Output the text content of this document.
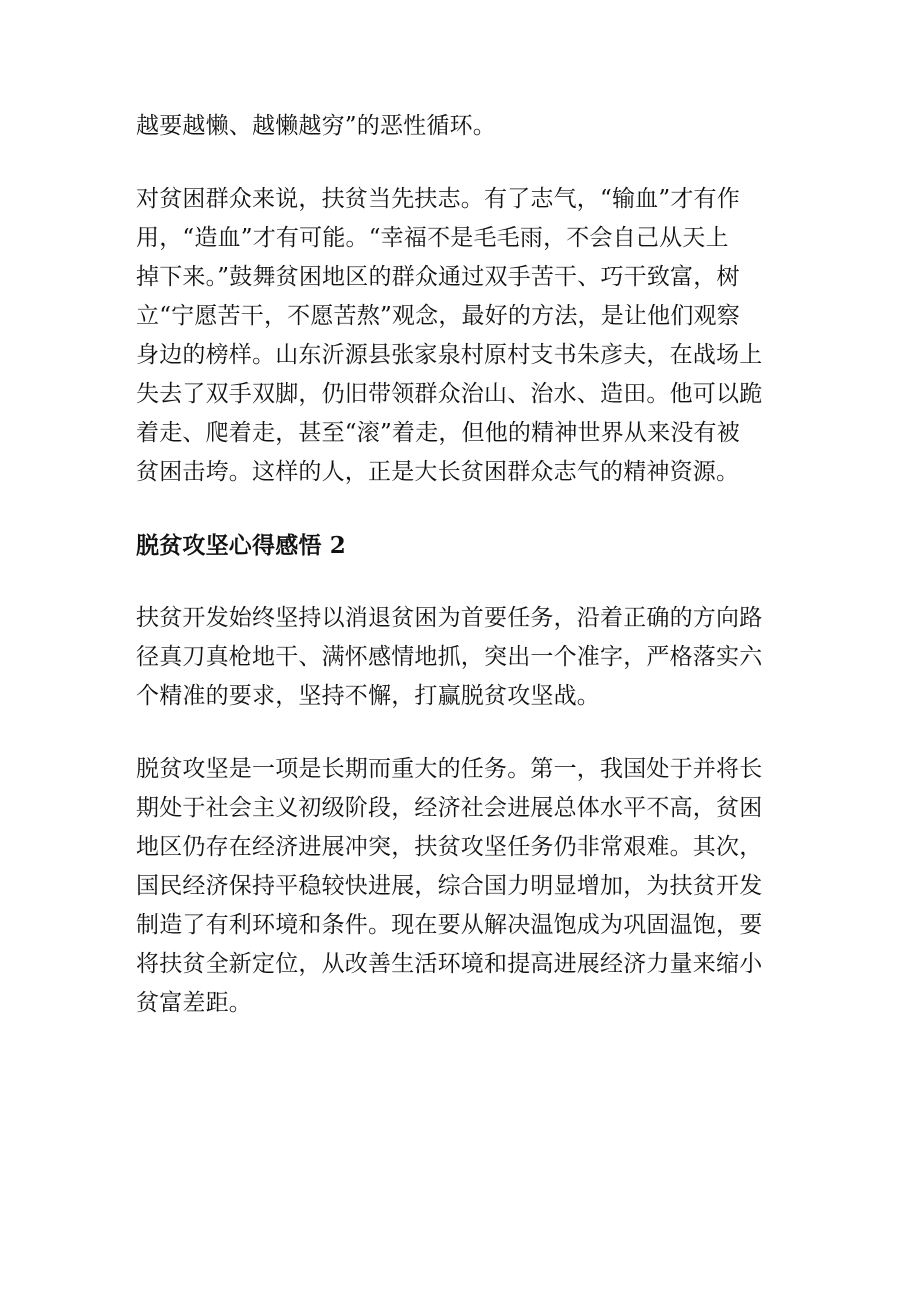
越要越懒、越懒越穷”的恶性循环。

对贫困群众来说，扶贫当先扶志。有了志气，“输血”才有作
用，“造血”才有可能。“幸福不是毛毛雨，不会自己从天上
掉下来。”鼓舞贫困地区的群众通过双手苦干、巧干致富，树
立“宁愿苦干，不愿苦熬”观念，最好的方法，是让他们观察
身边的榜样。山东沂源县张家泉村原村支书朱彦夫，在战场上
失去了双手双脚，仍旧带领群众治山、治水、造田。他可以跪
着走、爬着走，甚至“滚”着走，但他的精神世界从来没有被
贫困击垮。这样的人，正是大长贫困群众志气的精神资源。

脱贫攻坚心得感悟 2

扶贫开发始终坚持以消退贫困为首要任务，沿着正确的方向路
径真刀真枪地干、满怀感情地抓，突出一个准字，严格落实六
个精准的要求，坚持不懈，打赢脱贫攻坚战。

脱贫攻坚是一项是长期而重大的任务。第一，我国处于并将长
期处于社会主义初级阶段，经济社会进展总体水平不高，贫困
地区仍存在经济进展冲突，扶贫攻坚任务仍非常艰难。其次，
国民经济保持平稳较快进展，综合国力明显增加，为扶贫开发
制造了有利环境和条件。现在要从解决温饱成为巩固温饱，要
将扶贫全新定位，从改善生活环境和提高进展经济力量来缩小
贫富差距。
